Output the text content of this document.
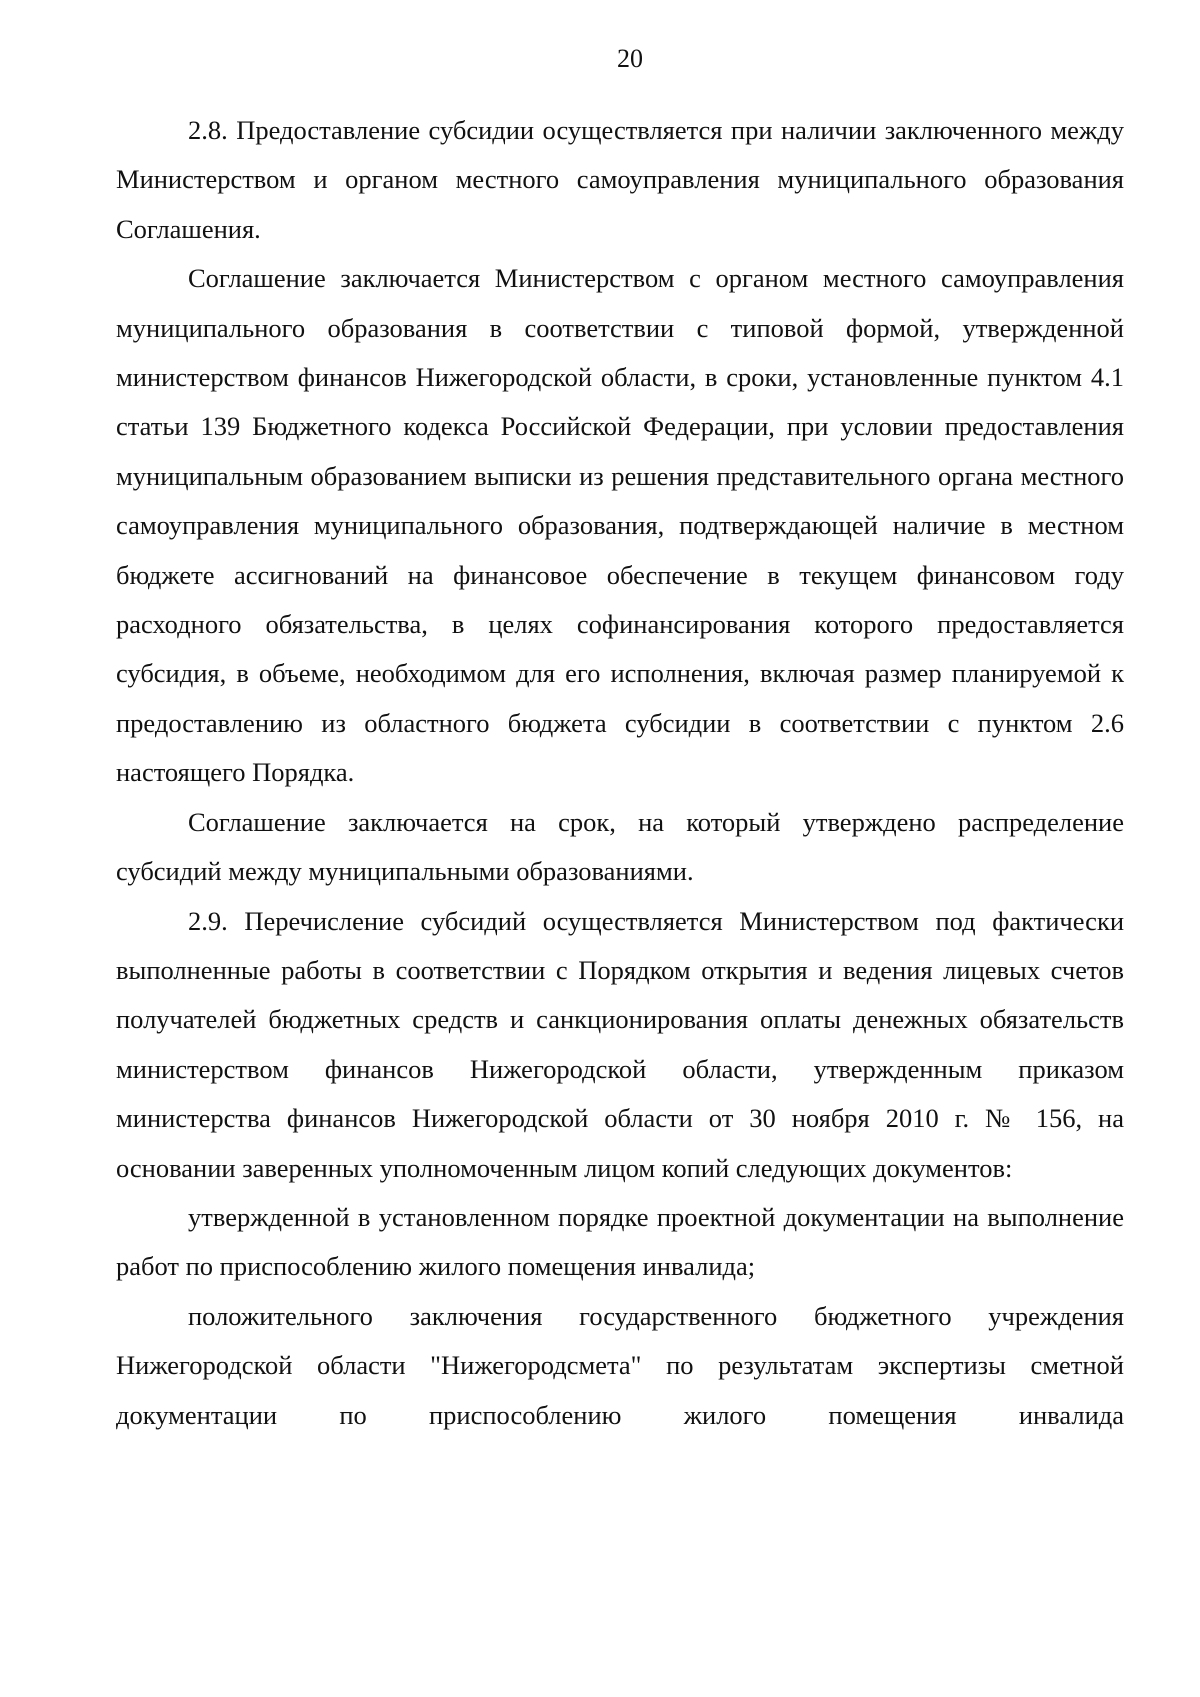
20

2.8. Предоставление субсидии осуществляется при наличии заключенного между Министерством и органом местного самоуправления муниципального образования Соглашения.

Соглашение заключается Министерством с органом местного самоуправления муниципального образования в соответствии с типовой формой, утвержденной министерством финансов Нижегородской области, в сроки, установленные пунктом 4.1 статьи 139 Бюджетного кодекса Российской Федерации, при условии предоставления муниципальным образованием выписки из решения представительного органа местного самоуправления муниципального образования, подтверждающей наличие в местном бюджете ассигнований на финансовое обеспечение в текущем финансовом году расходного обязательства, в целях софинансирования которого предоставляется субсидия, в объеме, необходимом для его исполнения, включая размер планируемой к предоставлению из областного бюджета субсидии в соответствии с пунктом 2.6 настоящего Порядка.

Соглашение заключается на срок, на который утверждено распределение субсидий между муниципальными образованиями.

2.9. Перечисление субсидий осуществляется Министерством под фактически выполненные работы в соответствии с Порядком открытия и ведения лицевых счетов получателей бюджетных средств и санкционирования оплаты денежных обязательств министерством финансов Нижегородской области, утвержденным приказом министерства финансов Нижегородской области от 30 ноября 2010 г. № 156, на основании заверенных уполномоченным лицом копий следующих документов:

утвержденной в установленном порядке проектной документации на выполнение работ по приспособлению жилого помещения инвалида;

положительного заключения государственного бюджетного учреждения Нижегородской области "Нижегородсмета" по результатам экспертизы сметной документации по приспособлению жилого помещения инвалида
